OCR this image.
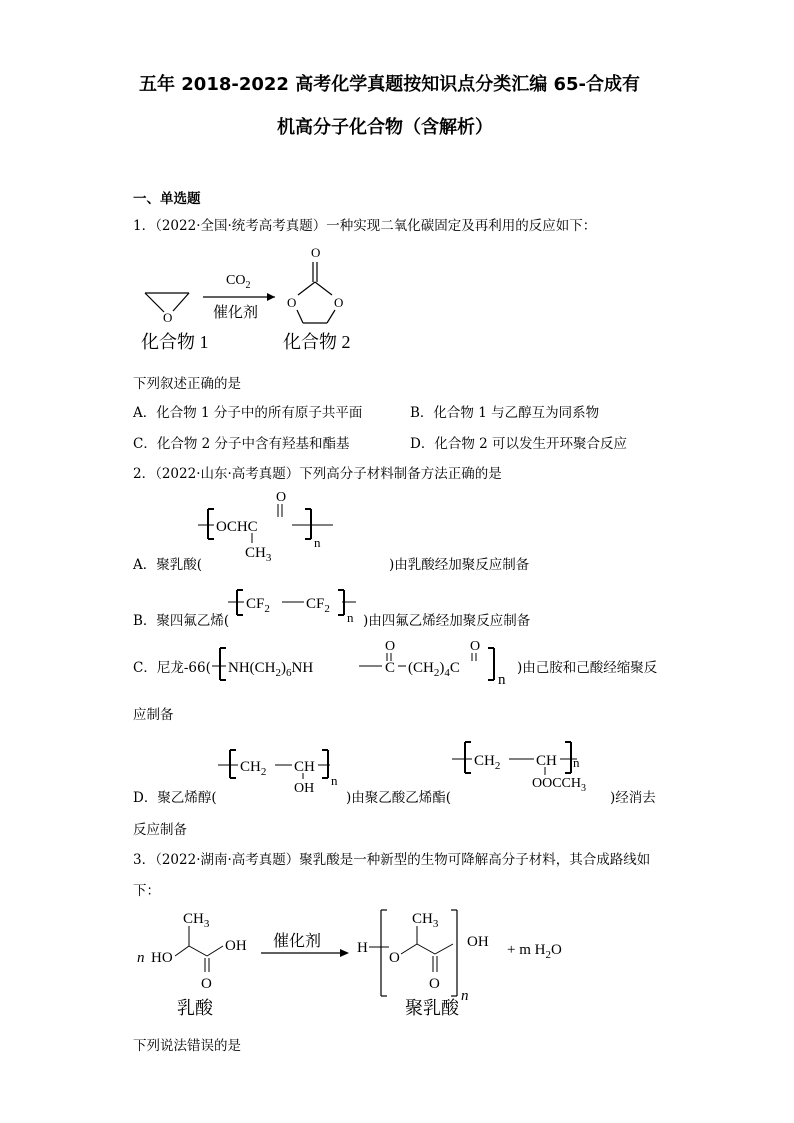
五年 2018-2022 高考化学真题按知识点分类汇编 65-合成有
机高分子化合物（含解析）
一、单选题
1．（2022·全国·统考高考真题）一种实现二氧化碳固定及再利用的反应如下：
O
$CO_2$
催化剂
O
O	O
化合物 1	化合物 2
下列叙述正确的是
A．化合物 1 分子中的所有原子共平面	B．化合物 1 与乙醇互为同系物
C．化合物 2 分子中含有羟基和酯基	D．化合物 2 可以发生开环聚合反应
2．（2022·山东·高考真题）下列高分子材料制备方法正确的是
A．聚乳酸(
OCHC
O
$CH_3$
n
)由乳酸经加聚反应制备
B．聚四氟乙烯(
$CF_2$ $CF_2$
n )由四氟乙烯经加聚反应制备
C．尼龙-66( $NH(CH_2)_6NH$	C
O
$(CH_2)_4C$
O
n
)由己胺和己酸经缩聚反
应制备
D．聚乙烯醇(
$CH_2$ CH
OH
n
)由聚乙酸乙烯酯(
$CH_2$ CH
$OOCCH_3$
n
)经消去
反应制备
3．（2022·湖南·高考真题）聚乳酸是一种新型的生物可降解高分子材料，其合成路线如
下：
n HO
$CH_3$
OH
O
催化剂 H
O
$CH_3$
O
n
OH + m $H_2O$
乳酸	聚乳酸
下列说法错误的是
